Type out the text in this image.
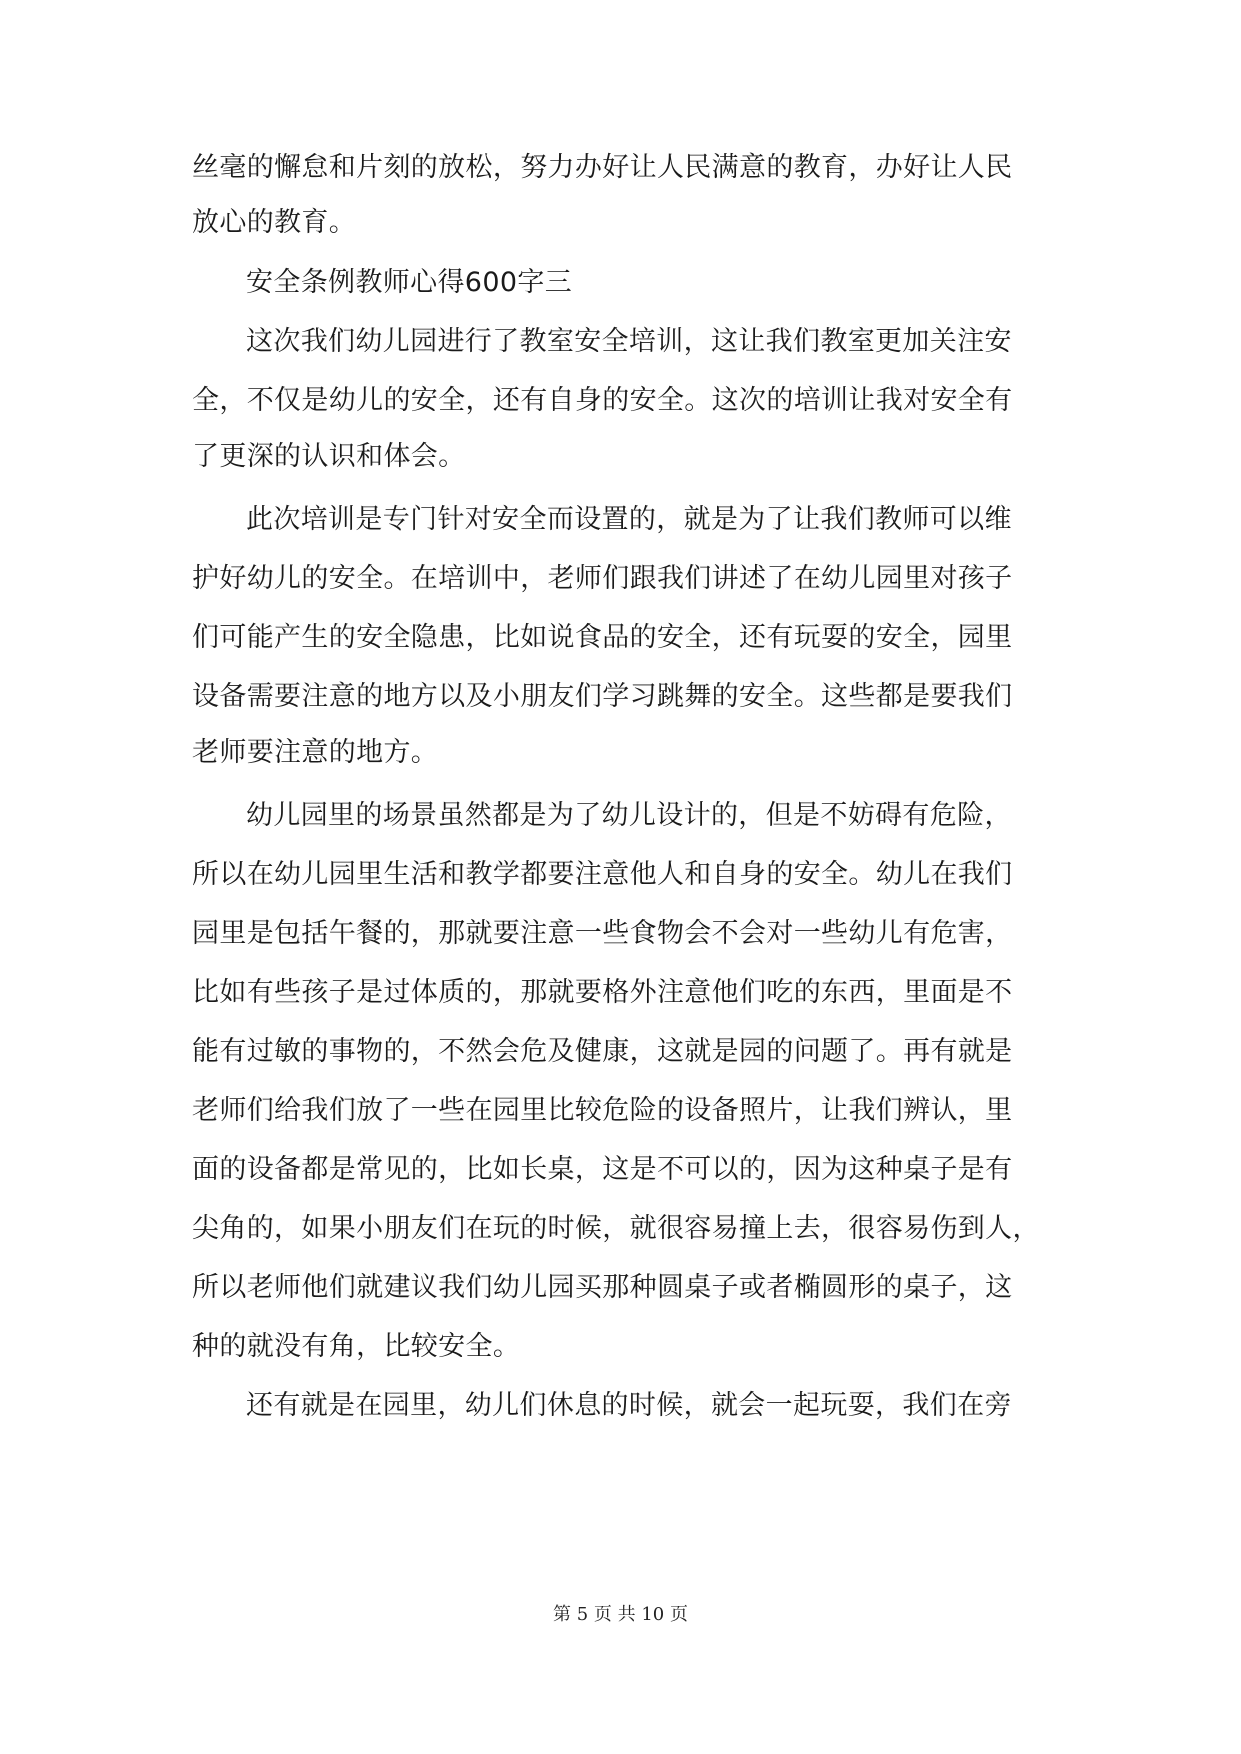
丝毫的懈怠和片刻的放松，努力办好让人民满意的教育，办好让人民
放心的教育。
安全条例教师心得600字三
这次我们幼儿园进行了教室安全培训，这让我们教室更加关注安
全，不仅是幼儿的安全，还有自身的安全。这次的培训让我对安全有
了更深的认识和体会。
此次培训是专门针对安全而设置的，就是为了让我们教师可以维
护好幼儿的安全。在培训中，老师们跟我们讲述了在幼儿园里对孩子
们可能产生的安全隐患，比如说食品的安全，还有玩耍的安全，园里
设备需要注意的地方以及小朋友们学习跳舞的安全。这些都是要我们
老师要注意的地方。
幼儿园里的场景虽然都是为了幼儿设计的，但是不妨碍有危险，
所以在幼儿园里生活和教学都要注意他人和自身的安全。幼儿在我们
园里是包括午餐的，那就要注意一些食物会不会对一些幼儿有危害，
比如有些孩子是过体质的，那就要格外注意他们吃的东西，里面是不
能有过敏的事物的，不然会危及健康，这就是园的问题了。再有就是
老师们给我们放了一些在园里比较危险的设备照片，让我们辨认，里
面的设备都是常见的，比如长桌，这是不可以的，因为这种桌子是有
尖角的，如果小朋友们在玩的时候，就很容易撞上去，很容易伤到人，
所以老师他们就建议我们幼儿园买那种圆桌子或者椭圆形的桌子，这
种的就没有角，比较安全。
还有就是在园里，幼儿们休息的时候，就会一起玩耍，我们在旁
第 5 页 共 10 页
